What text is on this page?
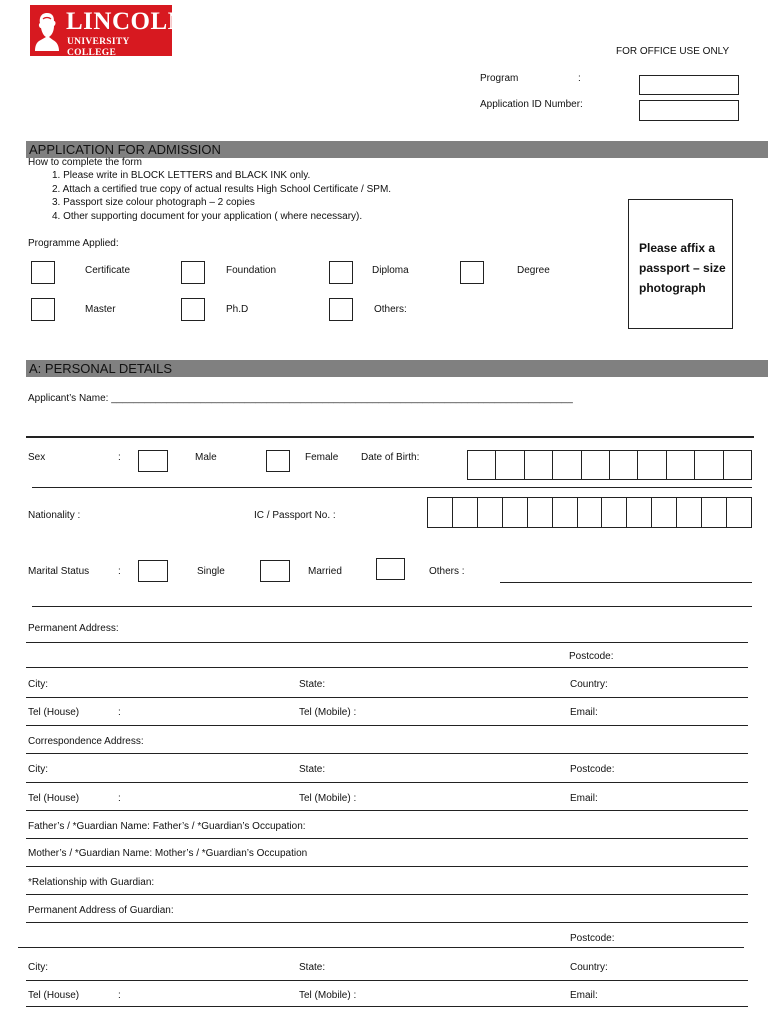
LINCOLN
UNIVERSITY COLLEGE	FOR OFFICE USE ONLY
Program	:
Application ID Number:
APPLICATION FOR ADMISSION
How to complete the form
1. Please write in BLOCK LETTERS and BLACK INK only.
2. Attach a certified true copy of actual results High School Certificate / SPM.
3. Passport size colour photograph – 2 copies
4. Other supporting document for your application ( where necessary).
Programme Applied:
Certificate	Foundation	Diploma	Degree
Master	Ph.D	Others:
Please affix a
passport – size
photograph
A: PERSONAL DETAILS
Applicant’s Name: ___________________________________________________________________________________
Sex	:	Male	Female Date of Birth:
Nationality :	IC / Passport No. :
Marital Status	:	Single	Married	Others :
Permanent Address:
Postcode:
City:	State:	Country:
Tel (House)	:	Tel (Mobile) :	Email:
Correspondence Address:
City:	State:	Postcode:
Tel (House)	:	Tel (Mobile) :	Email:
Father’s / *Guardian Name: Father’s / *Guardian’s Occupation:
Mother’s / *Guardian Name: Mother’s / *Guardian’s Occupation
*Relationship with Guardian:
Permanent Address of Guardian:
Postcode:
City:	State:	Country:
Tel (House)	:	Tel (Mobile) :	Email:
